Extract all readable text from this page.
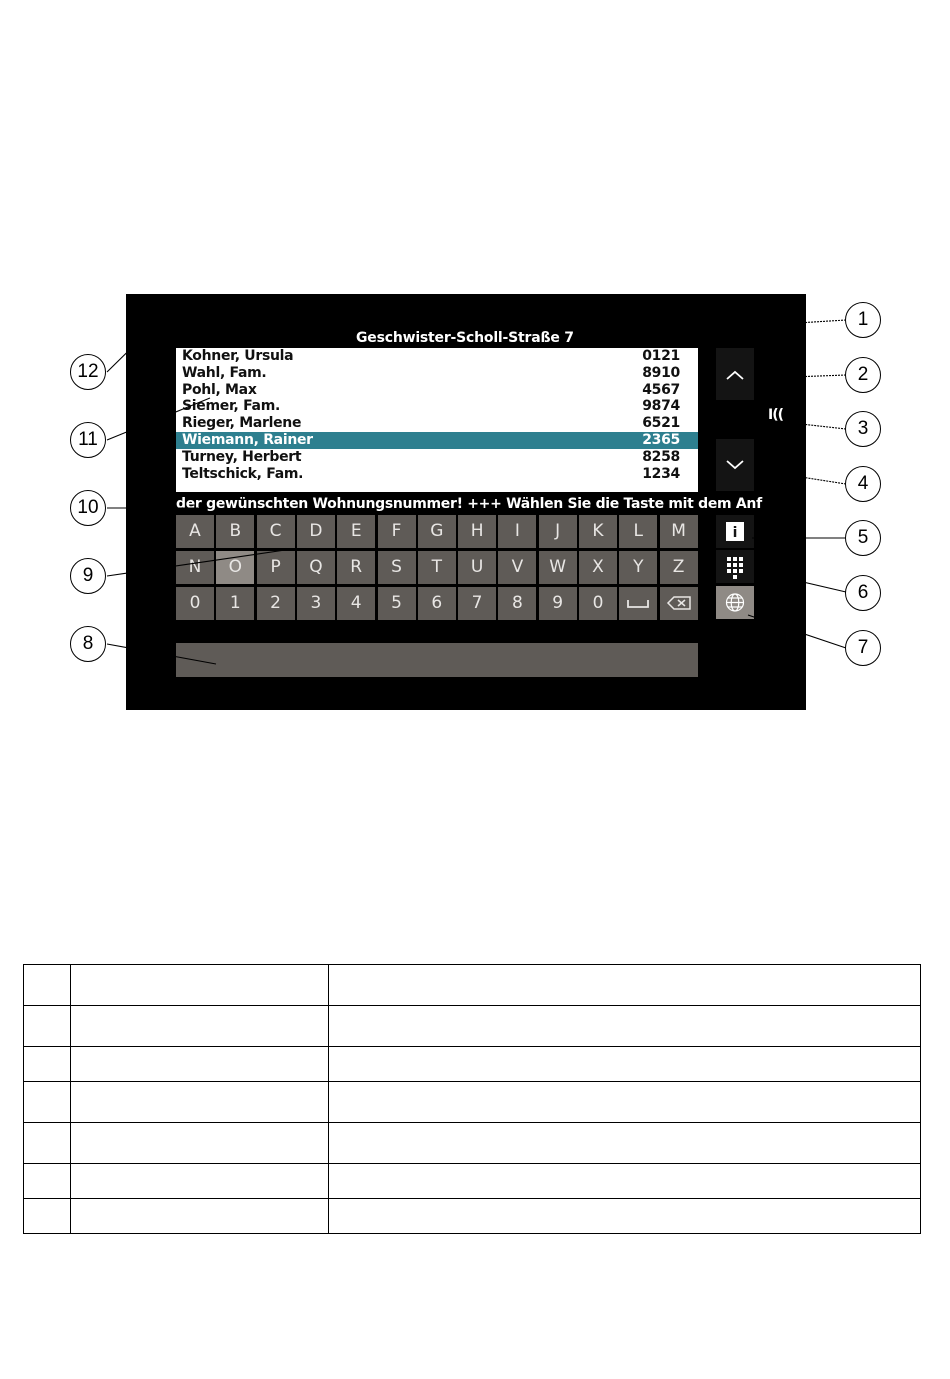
Geschwister-Scholl-Straße 7
Kohner, Ursula	0121
Wahl, Fam.	8910
Pohl, Max	4567
Siemer, Fam.	9874
Rieger, Marlene	6521
Wiemann, Rainer	2365
Turney, Herbert	8258
Teltschick, Fam.	1234
der gewünschten Wohnungsnummer! +++ Wählen Sie die Taste mit dem Anf
A	B	C	D	E	F	G	H	I	J	K	L	M
N	O	P	Q	R	S	T	U	V	W	X	Y	Z
0	1	2	3	4	5	6	7	8	9	0
I((
i
1
2
3
4
5
6
7
8
9
10
11
12
